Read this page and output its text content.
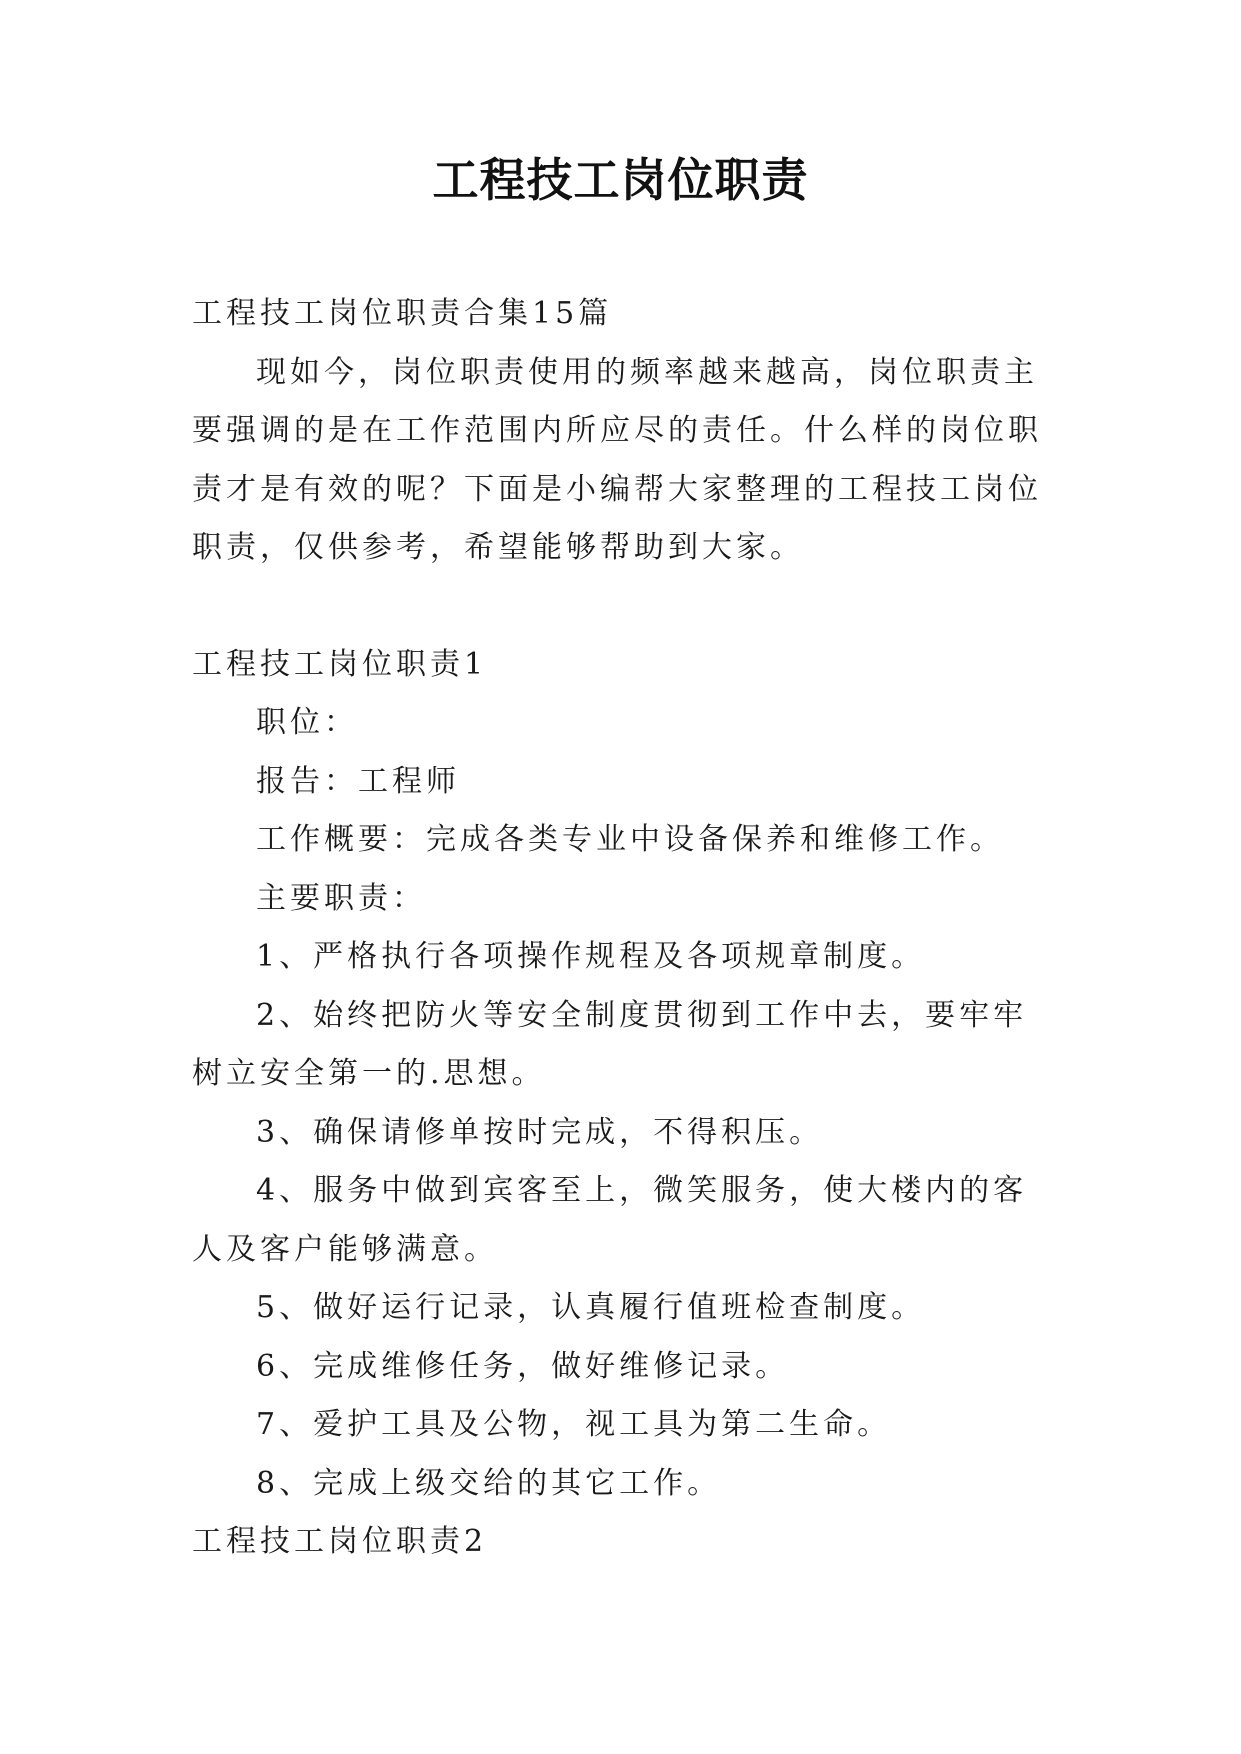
工程技工岗位职责

工程技工岗位职责合集15篇

现如今，岗位职责使用的频率越来越高，岗位职责主要强调的是在工作范围内所应尽的责任。什么样的岗位职责才是有效的呢？下面是小编帮大家整理的工程技工岗位职责，仅供参考，希望能够帮助到大家。

工程技工岗位职责1

职位：

报告：工程师

工作概要：完成各类专业中设备保养和维修工作。

主要职责：

1、严格执行各项操作规程及各项规章制度。

2、始终把防火等安全制度贯彻到工作中去，要牢牢树立安全第一的.思想。

3、确保请修单按时完成，不得积压。

4、服务中做到宾客至上，微笑服务，使大楼内的客人及客户能够满意。

5、做好运行记录，认真履行值班检查制度。

6、完成维修任务，做好维修记录。

7、爱护工具及公物，视工具为第二生命。

8、完成上级交给的其它工作。

工程技工岗位职责2
